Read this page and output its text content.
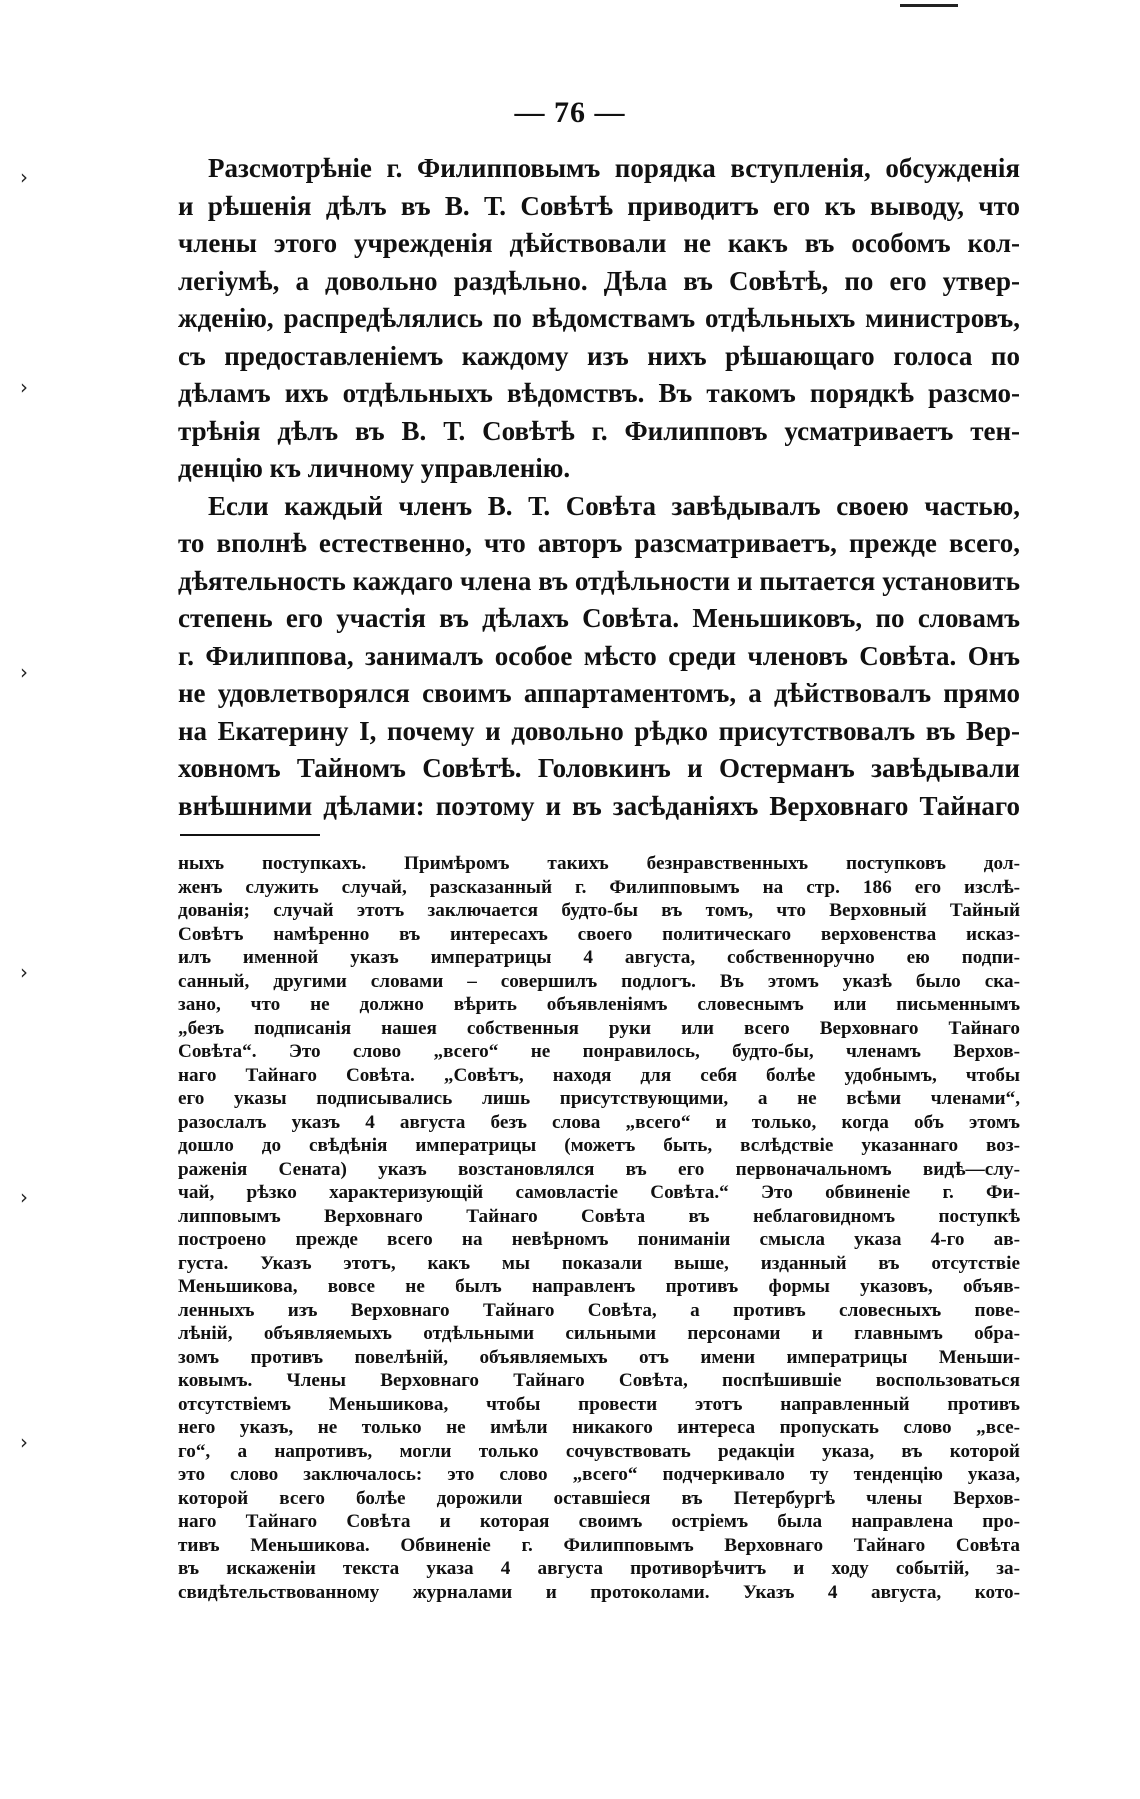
— 76 —
Разсмотрѣніе г. Филипповымъ порядка вступленія, обсужденія
и рѣшенія дѣлъ въ В. Т. Совѣтѣ приводитъ его къ выводу, что
члены этого учрежденія дѣйствовали не какъ въ особомъ кол-
легіумѣ, а довольно раздѣльно. Дѣла въ Совѣтѣ, по его утвер-
жденію, распредѣлялись по вѣдомствамъ отдѣльныхъ министровъ,
съ предоставленіемъ каждому изъ нихъ рѣшающаго голоса по
дѣламъ ихъ отдѣльныхъ вѣдомствъ. Въ такомъ порядкѣ разсмо-
трѣнія дѣлъ въ В. Т. Совѣтѣ г. Филипповъ усматриваетъ тен-
денцію къ личному управленію.
Если каждый членъ В. Т. Совѣта завѣдывалъ своею частью,
то вполнѣ естественно, что авторъ разсматриваетъ, прежде всего,
дѣятельность каждаго члена въ отдѣльности и пытается установить
степень его участія въ дѣлахъ Совѣта. Меньшиковъ, по словамъ
г. Филиппова, занималъ особое мѣсто среди членовъ Совѣта. Онъ
не удовлетворялся своимъ аппартаментомъ, а дѣйствовалъ прямо
на Екатерину I, почему и довольно рѣдко присутствовалъ въ Вер-
ховномъ Тайномъ Совѣтѣ. Головкинъ и Остерманъ завѣдывали
внѣшними дѣлами: поэтому и въ засѣданіяхъ Верховнаго Тайнаго
ныхъ поступкахъ. Примѣромъ такихъ безнравственныхъ поступковъ дол-
женъ служить случай, разсказанный г. Филипповымъ на стр. 186 его изслѣ-
дованія; случай этотъ заключается будто-бы въ томъ, что Верховный Тайный
Совѣтъ намѣренно въ интересахъ своего политическаго верховенства исказ-
илъ именной указъ императрицы 4 августа, собственноручно ею подпи-
санный, другими словами – совершилъ подлогъ. Въ этомъ указѣ было ска-
зано, что не должно вѣрить объявленіямъ словеснымъ или письменнымъ
„безъ подписанія нашея собственныя руки или всего Верховнаго Тайнаго
Совѣта“. Это слово „всего“ не понравилось, будто-бы, членамъ Верхов-
наго Тайнаго Совѣта. „Совѣтъ, находя для себя болѣе удобнымъ, чтобы
его указы подписывались лишь присутствующими, а не всѣми членами“,
разослалъ указъ 4 августа безъ слова „всего“ и только, когда объ этомъ
дошло до свѣдѣнія императрицы (можетъ быть, вслѣдствіе указаннаго воз-
раженія Сената) указъ возстановлялся въ его первоначальномъ видѣ—слу-
чай, рѣзко характеризующій самовластіе Совѣта.“ Это обвиненіе г. Фи-
липповымъ Верховнаго Тайнаго Совѣта въ неблаговидномъ поступкѣ
построено прежде всего на невѣрномъ пониманіи смысла указа 4-го ав-
густа. Указъ этотъ, какъ мы показали выше, изданный въ отсутствіе
Меньшикова, вовсе не былъ направленъ противъ формы указовъ, объяв-
ленныхъ изъ Верховнаго Тайнаго Совѣта, а противъ словесныхъ пове-
лѣній, объявляемыхъ отдѣльными сильными персонами и главнымъ обра-
зомъ противъ повелѣній, объявляемыхъ отъ имени императрицы Меньши-
ковымъ. Члены Верховнаго Тайнаго Совѣта, поспѣшившіе воспользоваться
отсутствіемъ Меньшикова, чтобы провести этотъ направленный противъ
него указъ, не только не имѣли никакого интереса пропускать слово „все-
го“, а напротивъ, могли только сочувствовать редакціи указа, въ которой
это слово заключалось: это слово „всего“ подчеркивало ту тенденцію указа,
которой всего болѣе дорожили оставшіеся въ Петербургѣ члены Верхов-
наго Тайнаго Совѣта и которая своимъ остріемъ была направлена про-
тивъ Меньшикова. Обвиненіе г. Филипповымъ Верховнаго Тайнаго Совѣта
въ искаженіи текста указа 4 августа противорѣчитъ и ходу событій, за-
свидѣтельствованному журналами и протоколами. Указъ 4 августа, кото-
›
›
›
›
›
›
